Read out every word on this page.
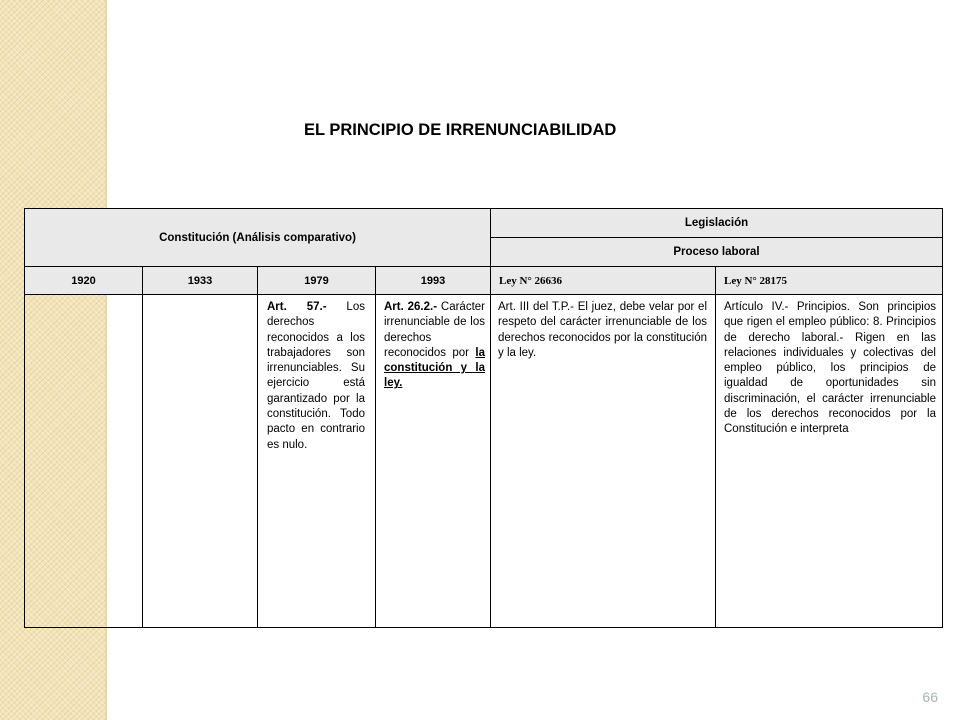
EL PRINCIPIO DE IRRENUNCIABILIDAD
Constitución (Análisis comparativo)				Legislación	
				Proceso laboral	
1920	1933	1979	1993	Ley N° 26636	Ley N° 28175
		Art. 57.- Los derechos reconocidos a los trabajadores son irrenunciables. Su ejercicio está garantizado por la constitución. Todo pacto en contrario es nulo.	Art. 26.2.- Carácter irrenunciable de los derechos reconocidos por la constitución y la ley.	Art. III del T.P.- El juez, debe velar por el respeto del carácter irrenunciable de los derechos reconocidos por la constitución y la ley.	Artículo IV.- Principios. Son principios que rigen el empleo público: 8. Principios de derecho laboral.- Rigen en las relaciones individuales y colectivas del empleo público, los principios de igualdad de oportunidades sin discriminación, el carácter irrenunciable de los derechos reconocidos por la Constitución e interpreta
66
